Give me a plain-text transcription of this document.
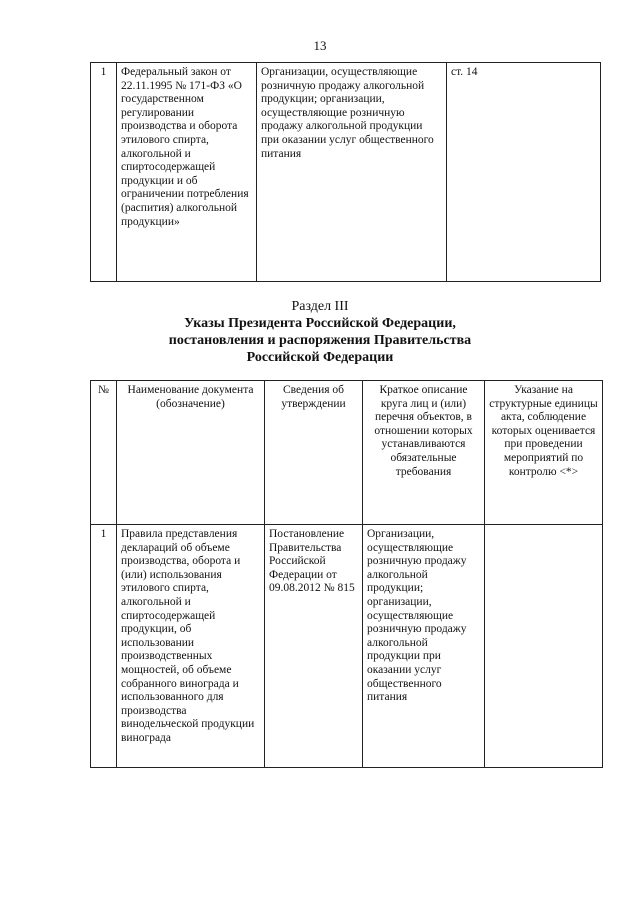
13
1	Федеральный закон от 22.11.1995 № 171-ФЗ «О государственном регулировании производства и оборота этилового спирта, алкогольной и спиртосодержащей продукции и об ограничении потребления (распития) алкогольной продукции»	Организации, осуществляющие розничную продажу алкогольной продукции; организации, осуществляющие розничную продажу алкогольной продукции при оказании услуг общественного питания	ст. 14
Раздел III
Указы Президента Российской Федерации,
постановления и распоряжения Правительства
Российской Федерации
№	Наименование документа (обозначение)	Сведения об утверждении	Краткое описание круга лиц и (или) перечня объектов, в отношении которых устанавливаются обязательные требования	Указание на структурные единицы акта, соблюдение которых оценивается при проведении мероприятий по контролю <*>
1	Правила представления деклараций об объеме производства, оборота и (или) использования этилового спирта, алкогольной и спиртосодержащей продукции, об использовании производственных мощностей, об объеме собранного винограда и использованного для производства винодельческой продукции винограда	Постановление Правительства Российской Федерации от 09.08.2012 № 815	Организации, осуществляющие розничную продажу алкогольной продукции; организации, осуществляющие розничную продажу алкогольной продукции при оказании услуг общественного питания	
